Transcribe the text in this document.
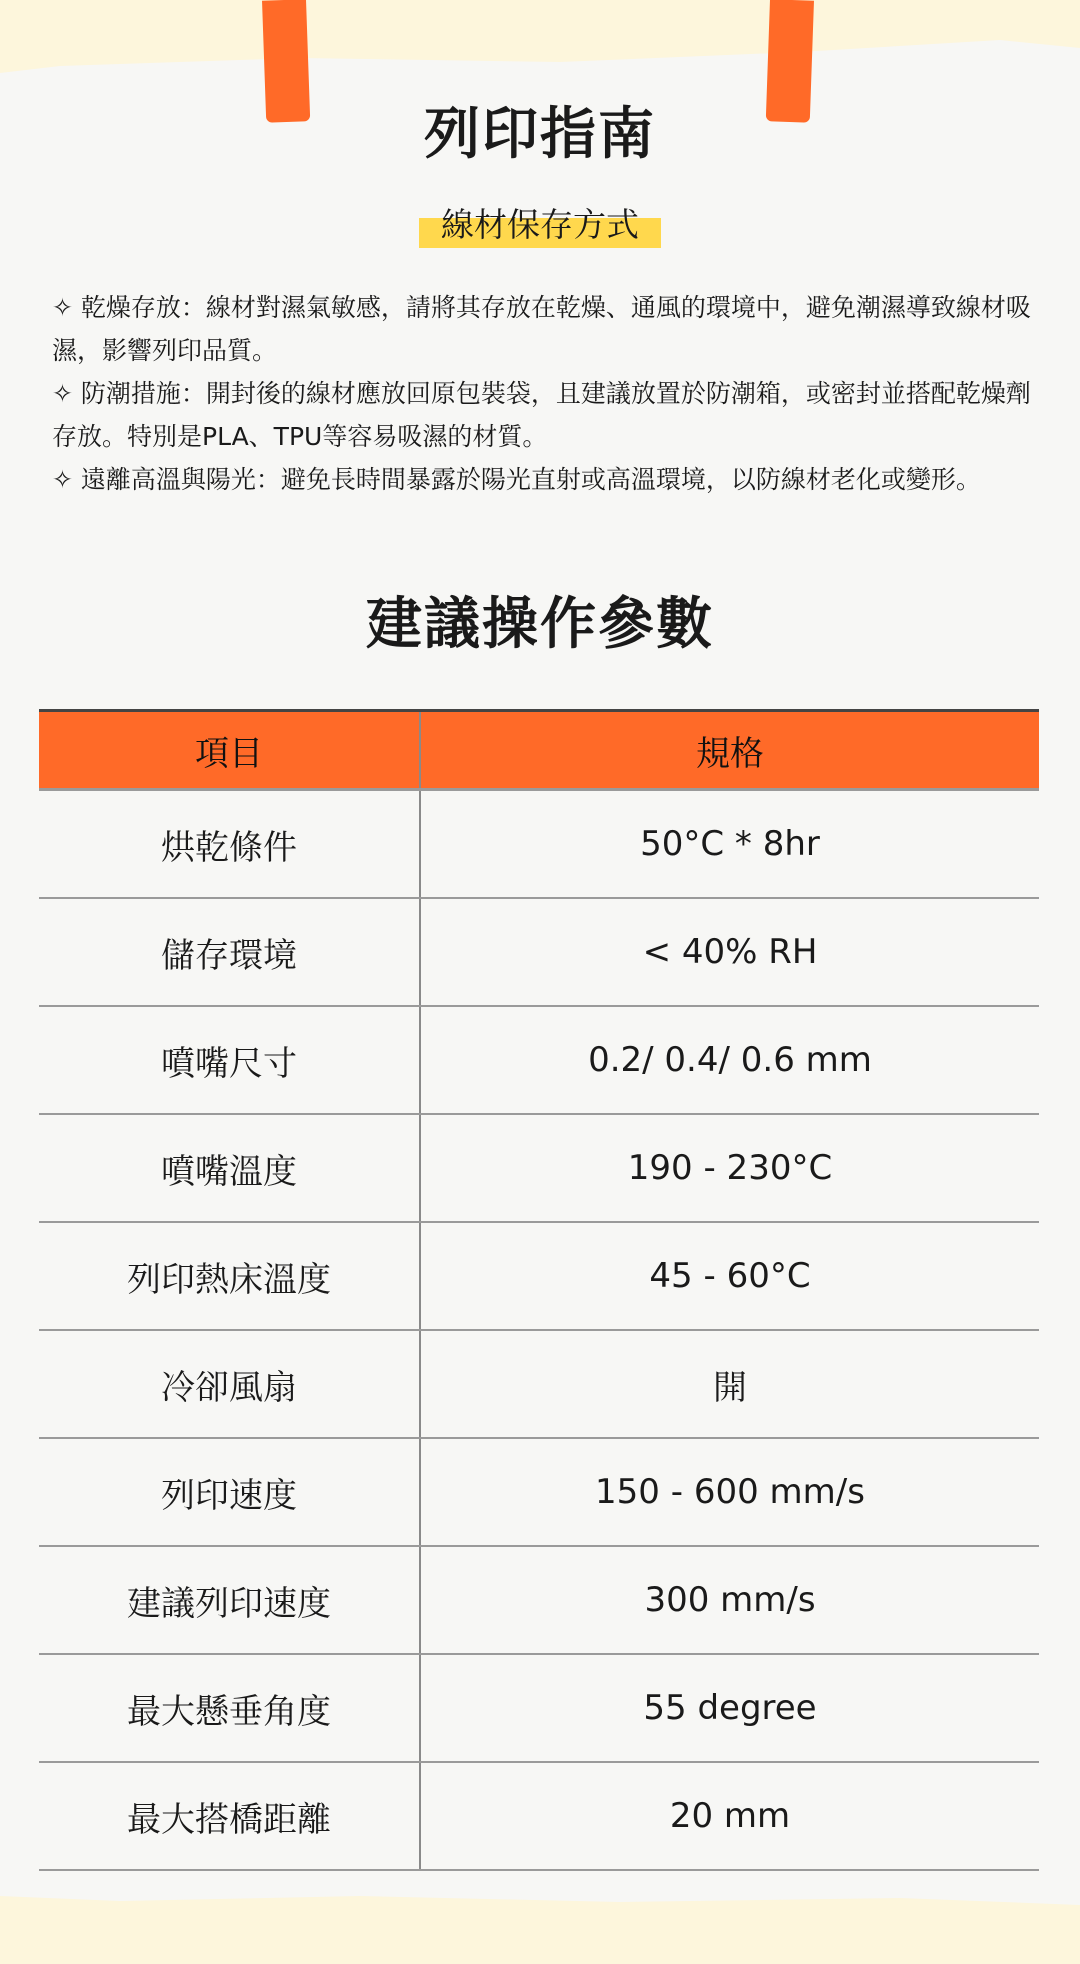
列印指南
線材保存方式

✧ 乾燥存放：線材對濕氣敏感，請將其存放在乾燥、通風的環境中，避免潮濕導致線材吸濕，影響列印品質。

✧ 防潮措施：開封後的線材應放回原包裝袋，且建議放置於防潮箱，或密封並搭配乾燥劑存放。特別是PLA、TPU等容易吸濕的材質。

✧ 遠離高溫與陽光：避免長時間暴露於陽光直射或高溫環境，以防線材老化或變形。

建議操作參數
項目	規格
烘乾條件	50°C * 8hr
儲存環境	< 40% RH
噴嘴尺寸	0.2/ 0.4/ 0.6 mm
噴嘴溫度	190 - 230°C
列印熱床溫度	45 - 60°C
冷卻風扇	開
列印速度	150 - 600 mm/s
建議列印速度	300 mm/s
最大懸垂角度	55 degree
最大搭橋距離	20 mm
